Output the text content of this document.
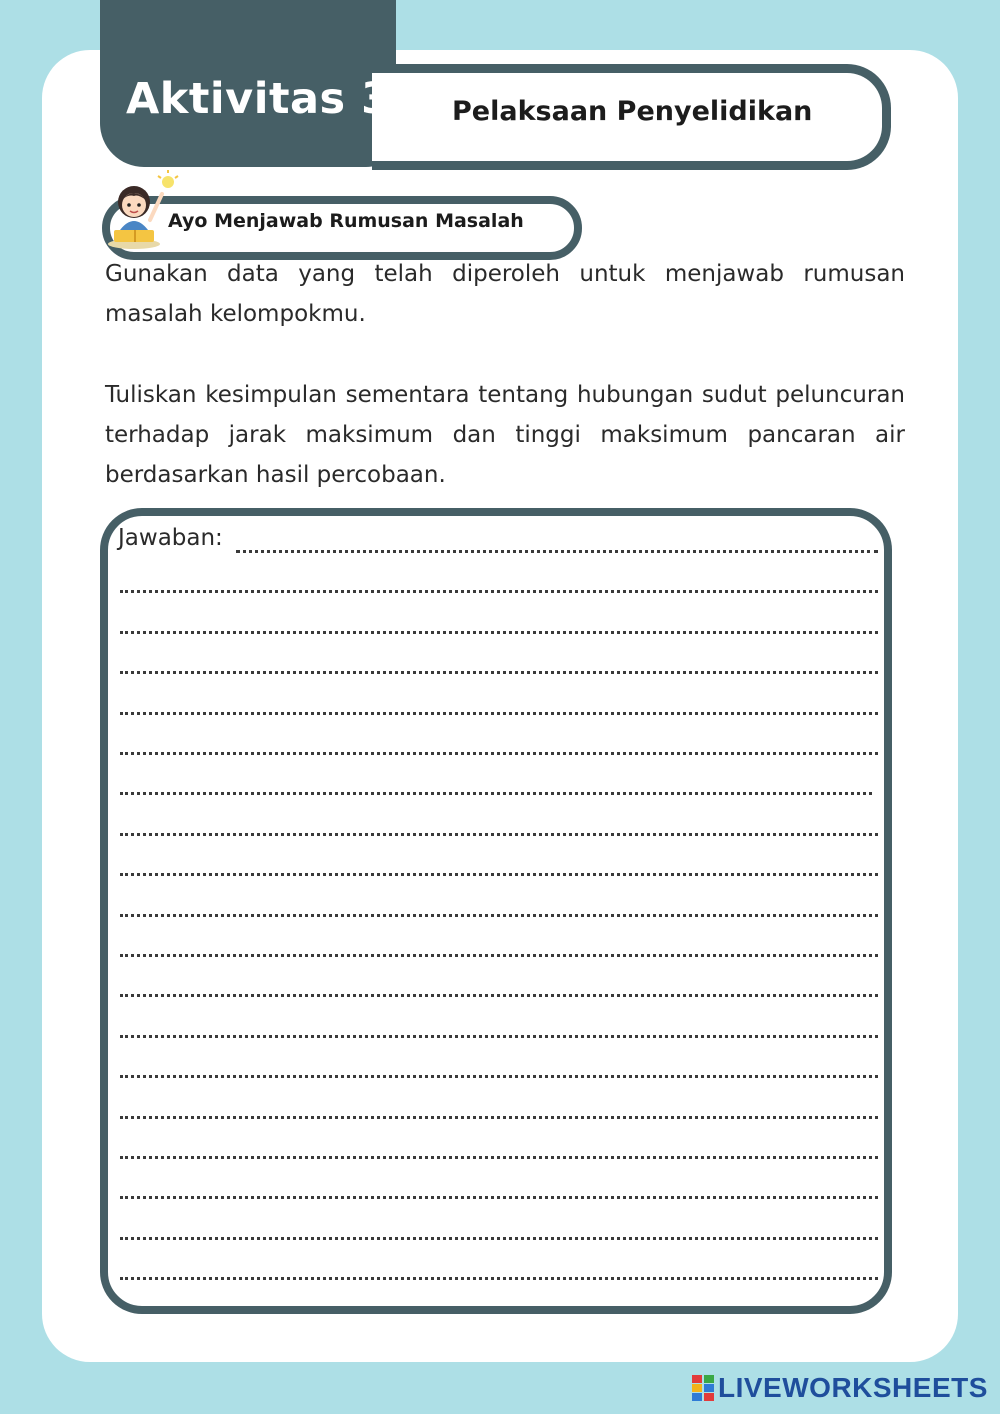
Aktivitas 3 Pelaksaan Penyelidikan
Ayo Menjawab Rumusan Masalah

Gunakan data yang telah diperoleh untuk menjawab rumusan masalah kelompokmu.

Tuliskan kesimpulan sementara tentang hubungan sudut peluncuran terhadap jarak maksimum dan tinggi maksimum pancaran air berdasarkan hasil percobaan.

Jawaban:
LIVEWORKSHEETS
